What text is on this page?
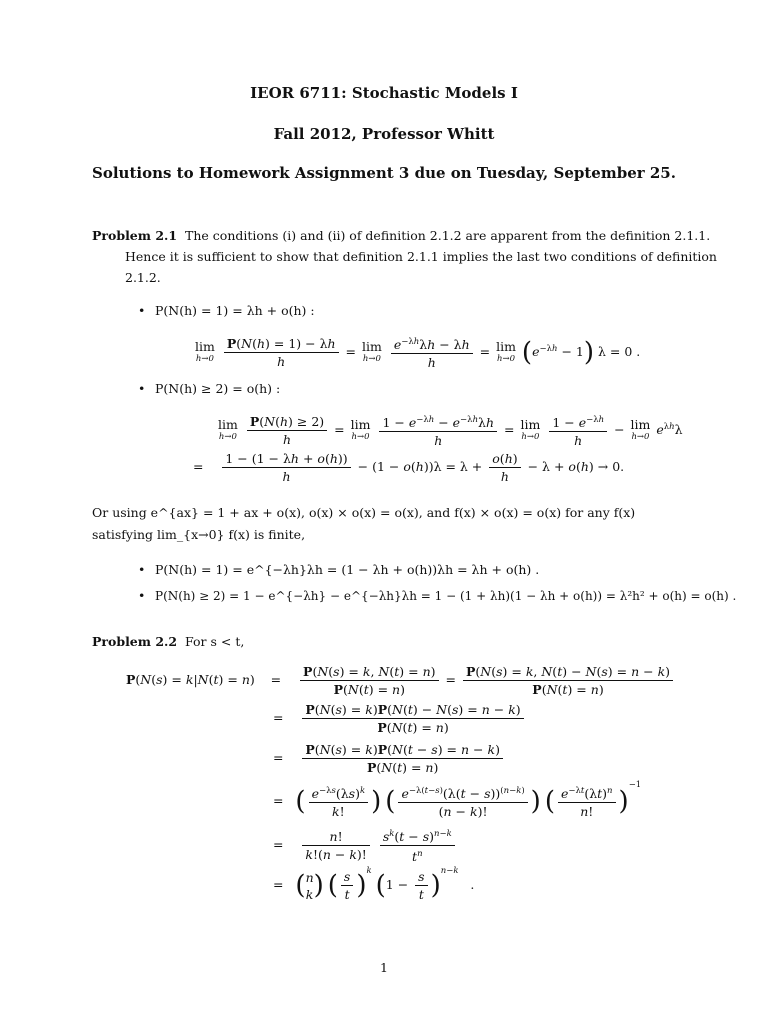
IEOR 6711: Stochastic Models I
Fall 2012, Professor Whitt
Solutions to Homework Assignment 3 due on Tuesday, September 25.
Problem 2.1 The conditions (i) and (ii) of definition 2.1.2 are apparent from the definition 2.1.1.
Hence it is sufficient to show that definition 2.1.1 implies the last two conditions of definition
2.1.2.
• P(N(h) = 1) = λh + o(h) :
lim
h→0
$\frac{P(N(h) = 1) - \lambda h}{h} = \lim$
h→0
$\frac{e^{-\lambda h}\lambda h - \lambda h}{h} = \lim$
h→0 $(e^{-\lambda h} - 1) \lambda = 0$ .
• P(N(h) ≥ 2) = o(h) :
lim
h→0
$\frac{P(N(h) \ge 2)}{h} = \lim$
h→0
$\frac{1 - e^{-\lambda h} - e^{-\lambda h}\lambda h}{h} = \lim$
h→0
$\frac{1 - e^{-\lambda h}}{h} - \lim$
h→0 $e^{\lambda h}\lambda$
= $\frac{1 - (1 - \lambda h + o(h))}{h} - (1 - o(h))\lambda = \lambda + \frac{o(h)}{h} - \lambda + o(h) \to 0$.
Or using e^{ax} = 1 + ax + o(x), o(x) × o(x) = o(x), and f(x) × o(x) = o(x) for any f(x)
satisfying lim_{x→0} f(x) is finite,
• P(N(h) = 1) = e^{−λh}λh = (1 − λh + o(h))λh = λh + o(h) .
• P(N(h) ≥ 2) = 1 − e^{−λh} − e^{−λh}λh = 1 − (1 + λh)(1 − λh + o(h)) = λ²h² + o(h) = o(h) .
Problem 2.2 For s < t,
P(N(s) = k|N(t) = n)    = $\frac{P(N(s) = k, N(t) = n)}{P(N(t) = n)} = \frac{P(N(s) = k, N(t) - N(s) = n - k)}{P(N(t) = n)}$
= $\frac{P(N(s) = k)P(N(t) - N(s) = n - k)}{P(N(t) = n)}$
= $\frac{P(N(s) = k)P(N(t - s) = n - k)}{P(N(t) = n)}$
=   ( $\frac{e^{-\lambda s}(\lambda s)^k}{k!}$ ) ( $\frac{e^{-\lambda(t-s)}(\lambda(t - s))^{(n-k)}}{(n - k)!}$ ) ( $\frac{e^{-\lambda t}(\lambda t)^n}{n!} )^{-1}$
= $\frac{n!}{k!(n - k)!}$
$\frac{s^k(t - s)^{n-k}}{t^n}$
=   ( n
k ) ( $\frac{s}{t} )^k$ $(1 - \frac{s}{t} )^{n-k}$   .
1
